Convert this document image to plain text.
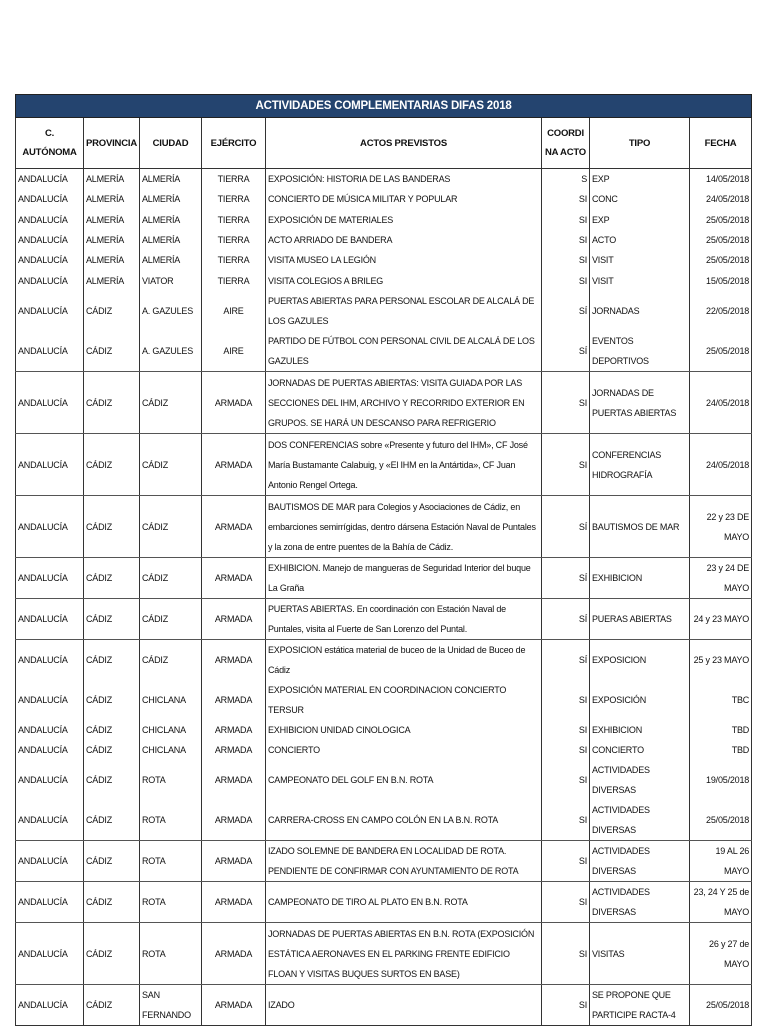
ACTIVIDADES COMPLEMENTARIAS DIFAS 2018							
C. AUTÓNOMA	PROVINCIA	CIUDAD	EJÉRCITO	ACTOS PREVISTOS	COORDINA ACTO	TIPO	FECHA
ANDALUCÍA	ALMERÍA	ALMERÍA	TIERRA	EXPOSICIÓN: HISTORIA DE LAS BANDERAS	S	EXP	14/05/2018
ANDALUCÍA	ALMERÍA	ALMERÍA	TIERRA	CONCIERTO DE MÚSICA MILITAR Y POPULAR	SI	CONC	24/05/2018
ANDALUCÍA	ALMERÍA	ALMERÍA	TIERRA	EXPOSICIÓN DE MATERIALES	SI	EXP	25/05/2018
ANDALUCÍA	ALMERÍA	ALMERÍA	TIERRA	ACTO ARRIADO DE BANDERA	SI	ACTO	25/05/2018
ANDALUCÍA	ALMERÍA	ALMERÍA	TIERRA	VISITA MUSEO LA LEGIÓN	SI	VISIT	25/05/2018
ANDALUCÍA	ALMERÍA	VIATOR	TIERRA	VISITA COLEGIOS A BRILEG	SI	VISIT	15/05/2018
ANDALUCÍA	CÁDIZ	A. GAZULES	AIRE	PUERTAS ABIERTAS PARA PERSONAL ESCOLAR DE ALCALÁ DE LOS GAZULES	SÍ	JORNADAS	22/05/2018
ANDALUCÍA	CÁDIZ	A. GAZULES	AIRE	PARTIDO DE FÚTBOL CON PERSONAL CIVIL DE ALCALÁ DE LOS GAZULES	SÍ	EVENTOS DEPORTIVOS	25/05/2018
ANDALUCÍA	CÁDIZ	CÁDIZ	ARMADA	JORNADAS DE PUERTAS ABIERTAS: VISITA GUIADA POR LAS SECCIONES DEL IHM, ARCHIVO Y RECORRIDO EXTERIOR EN GRUPOS. SE HARÁ UN DESCANSO PARA REFRIGERIO	SI	JORNADAS DE PUERTAS ABIERTAS	24/05/2018
ANDALUCÍA	CÁDIZ	CÁDIZ	ARMADA	DOS CONFERENCIAS sobre «Presente y futuro del IHM», CF José María Bustamante Calabuig, y «El IHM en la Antártida», CF Juan Antonio Rengel Ortega.	SI	CONFERENCIAS HIDROGRAFÍA	24/05/2018
ANDALUCÍA	CÁDIZ	CÁDIZ	ARMADA	BAUTISMOS DE MAR para Colegios y Asociaciones de Cádiz, en embarciones semirrígidas, dentro dársena Estación Naval de Puntales y la zona de entre puentes de la Bahía de Cádiz.	SÍ	BAUTISMOS DE MAR	22 y 23 DE MAYO
ANDALUCÍA	CÁDIZ	CÁDIZ	ARMADA	EXHIBICION. Manejo de mangueras de Seguridad Interior del buque La Graña	SÍ	EXHIBICION	23 y 24 DE MAYO
ANDALUCÍA	CÁDIZ	CÁDIZ	ARMADA	PUERTAS ABIERTAS. En coordinación con Estación Naval de Puntales, visita al Fuerte de San Lorenzo del Puntal.	SÍ	PUERAS ABIERTAS	24 y 23 MAYO
ANDALUCÍA	CÁDIZ	CÁDIZ	ARMADA	EXPOSICION estática material de buceo de la Unidad de Buceo de Cádiz	SÍ	EXPOSICION	25 y 23 MAYO
ANDALUCÍA	CÁDIZ	CHICLANA	ARMADA	EXPOSICIÓN MATERIAL EN COORDINACION CONCIERTO TERSUR	SI	EXPOSICIÓN	TBC
ANDALUCÍA	CÁDIZ	CHICLANA	ARMADA	EXHIBICION UNIDAD CINOLOGICA	SI	EXHIBICION	TBD
ANDALUCÍA	CÁDIZ	CHICLANA	ARMADA	CONCIERTO	SI	CONCIERTO	TBD
ANDALUCÍA	CÁDIZ	ROTA	ARMADA	CAMPEONATO DEL GOLF EN B.N. ROTA	SI	ACTIVIDADES DIVERSAS	19/05/2018
ANDALUCÍA	CÁDIZ	ROTA	ARMADA	CARRERA-CROSS EN CAMPO COLÓN EN LA B.N. ROTA	SI	ACTIVIDADES DIVERSAS	25/05/2018
ANDALUCÍA	CÁDIZ	ROTA	ARMADA	IZADO SOLEMNE DE BANDERA EN LOCALIDAD DE ROTA. PENDIENTE DE CONFIRMAR CON AYUNTAMIENTO DE ROTA	SI	ACTIVIDADES DIVERSAS	19 AL 26 MAYO
ANDALUCÍA	CÁDIZ	ROTA	ARMADA	CAMPEONATO DE TIRO AL PLATO EN B.N. ROTA	SI	ACTIVIDADES DIVERSAS	23, 24 Y 25 de MAYO
ANDALUCÍA	CÁDIZ	ROTA	ARMADA	JORNADAS DE PUERTAS ABIERTAS EN B.N. ROTA (EXPOSICIÓN ESTÁTICA AERONAVES EN EL PARKING FRENTE EDIFICIO FLOAN Y VISITAS BUQUES SURTOS EN BASE)	SI	VISITAS	26 y 27 de MAYO
ANDALUCÍA	CÁDIZ	SAN FERNANDO	ARMADA	IZADO	SI	SE PROPONE QUE PARTICIPE RACTA-4	25/05/2018
